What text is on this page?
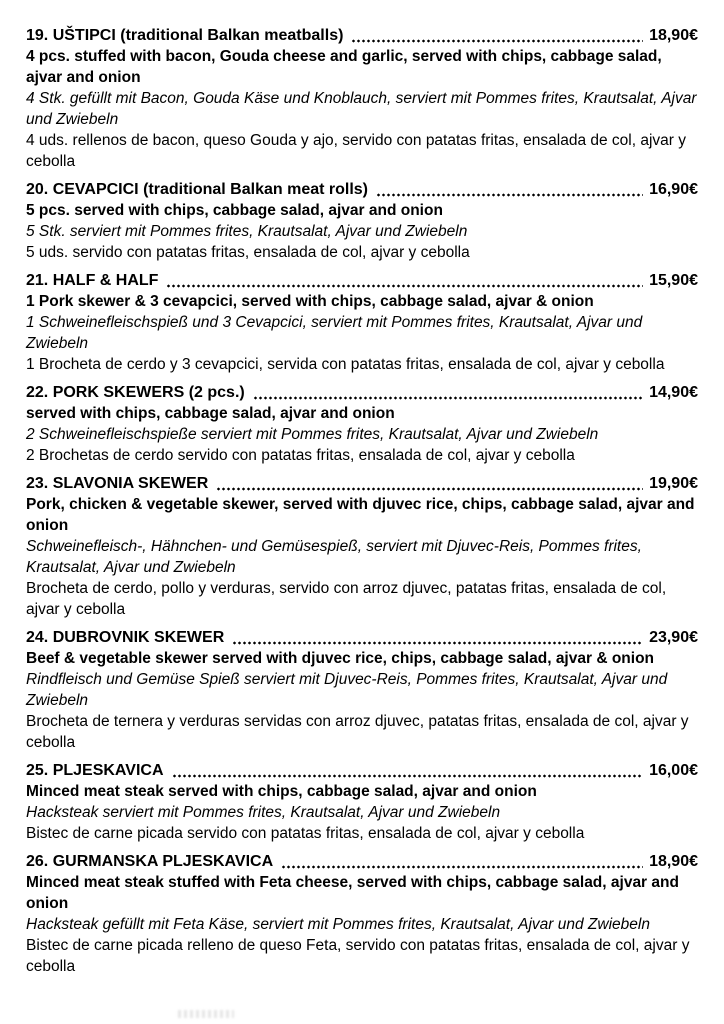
19. UŠTIPCI (traditional Balkan meatballs)	18,90€

4 pcs. stuffed with bacon, Gouda cheese and garlic, served with chips, cabbage salad, ajvar and onion

4 Stk. gefüllt mit Bacon, Gouda Käse und Knoblauch, serviert mit Pommes frites, Krautsalat, Ajvar und Zwiebeln

4 uds. rellenos de bacon, queso Gouda y ajo, servido con patatas fritas, ensalada de col, ajvar y cebolla

20. CEVAPCICI (traditional Balkan meat rolls)	16,90€

5 pcs. served with chips, cabbage salad, ajvar and onion

5 Stk. serviert mit Pommes frites, Krautsalat, Ajvar und Zwiebeln

5 uds. servido con patatas fritas, ensalada de col, ajvar y cebolla

21. HALF & HALF	15,90€

1 Pork skewer & 3 cevapcici, served with chips, cabbage salad, ajvar & onion

1 Schweinefleischspieß und 3 Cevapcici, serviert mit Pommes frites, Krautsalat, Ajvar und Zwiebeln

1 Brocheta de cerdo y 3 cevapcici, servida con patatas fritas, ensalada de col, ajvar y cebolla

22. PORK SKEWERS (2 pcs.)	14,90€

served with chips, cabbage salad, ajvar and onion

2 Schweinefleischspieße serviert mit Pommes frites, Krautsalat, Ajvar und Zwiebeln

2 Brochetas de cerdo servido con patatas fritas, ensalada de col, ajvar y cebolla

23. SLAVONIA SKEWER	19,90€

Pork, chicken & vegetable skewer, served with djuvec rice, chips, cabbage salad, ajvar and onion

Schweinefleisch-, Hähnchen- und Gemüsespieß, serviert mit Djuvec-Reis, Pommes frites, Krautsalat, Ajvar und Zwiebeln

Brocheta de cerdo, pollo y verduras, servido con arroz djuvec, patatas fritas, ensalada de col, ajvar y cebolla

24. DUBROVNIK SKEWER	23,90€

Beef & vegetable skewer served with djuvec rice, chips, cabbage salad, ajvar & onion

Rindfleisch und Gemüse Spieß serviert mit Djuvec-Reis, Pommes frites, Krautsalat, Ajvar und Zwiebeln

Brocheta de ternera y verduras servidas con arroz djuvec, patatas fritas, ensalada de col, ajvar y cebolla

25. PLJESKAVICA	16,00€

Minced meat steak served with chips, cabbage salad, ajvar and onion

Hacksteak serviert mit Pommes frites, Krautsalat, Ajvar und Zwiebeln

Bistec de carne picada servido con patatas fritas, ensalada de col, ajvar y cebolla

26. GURMANSKA PLJESKAVICA	18,90€

Minced meat steak stuffed with Feta cheese, served with chips, cabbage salad, ajvar and onion

Hacksteak gefüllt mit Feta Käse, serviert mit Pommes frites, Krautsalat, Ajvar und Zwiebeln

Bistec de carne picada relleno de queso Feta, servido con patatas fritas, ensalada de col, ajvar y cebolla
